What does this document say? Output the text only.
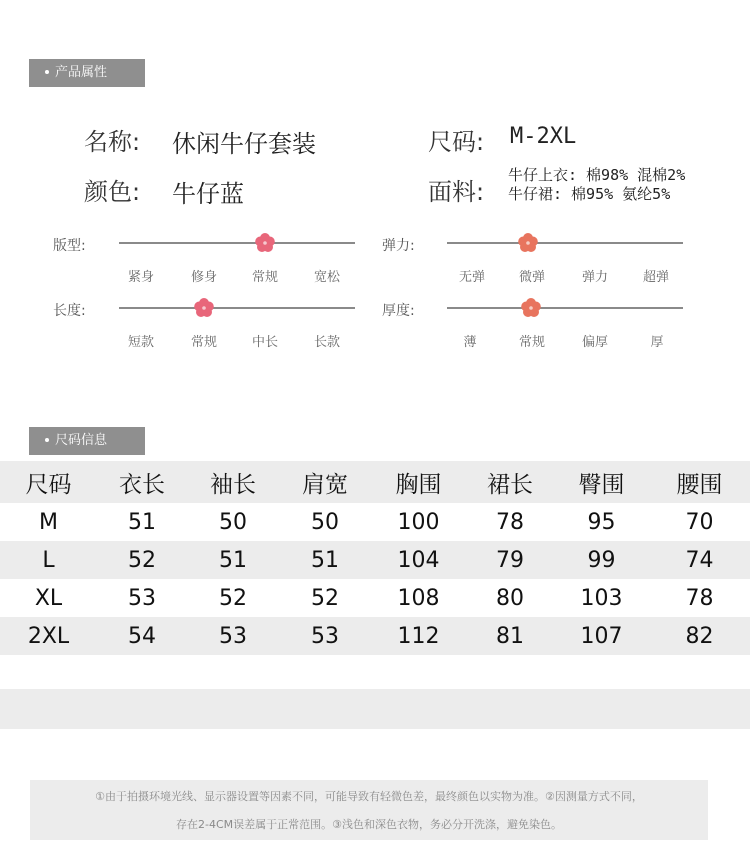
产品属性
名称: 休闲牛仔套装	尺码: M-2XL
颜色: 牛仔蓝	面料:
牛仔上衣: 棉98% 混棉2%
牛仔裙: 棉95% 氨纶5%
版型:
紧身	修身	常规	宽松
弹力:
无弹	微弹	弹力	超弹
长度:
短款	常规	中长	长款
厚度:
薄	常规	偏厚	厚
尺码信息
尺码	衣长	袖长	肩宽	胸围	裙长	臀围	腰围
M	51	50	50	100	78	95	70
L	52	51	51	104	79	99	74
XL	53	52	52	108	80	103	78
2XL	54	53	53	112	81	107	82
①由于拍摄环境光线、显示器设置等因素不同，可能导致有轻微色差，最终颜色以实物为准。②因测量方式不同，
存在2-4CM误差属于正常范围。③浅色和深色衣物，务必分开洗涤，避免染色。
